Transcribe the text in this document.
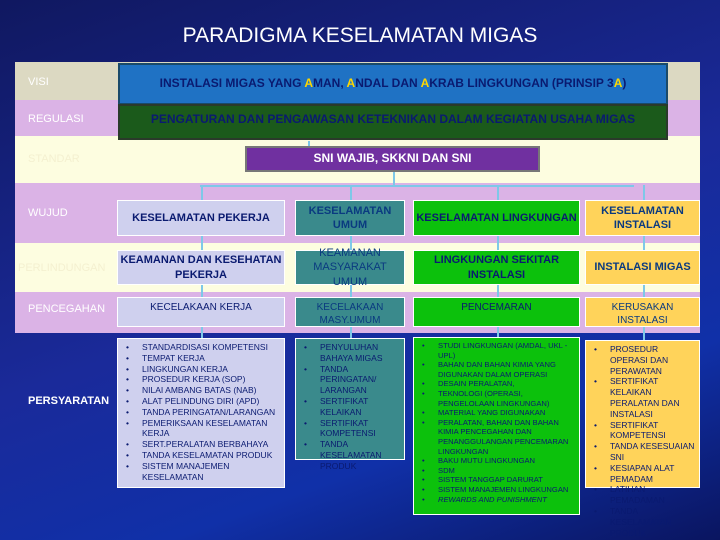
PARADIGMA KESELAMATAN MIGAS
VISI
REGULASI
STANDAR
WUJUD
PERLINDUNGAN
PENCEGAHAN
PERSYARATAN
INSTALASI MIGAS YANG AMAN, ANDAL DAN AKRAB LINGKUNGAN (PRINSIP 3A)
PENGATURAN DAN PENGAWASAN KETEKNIKAN DALAM KEGIATAN USAHA MIGAS
SNI WAJIB, SKKNI DAN SNI
KESELAMATAN PEKERJA
KEAMANAN DAN KESEHATAN PEKERJA
KECELAKAAN KERJA
• STANDARDISASI KOMPETENSI
• TEMPAT KERJA
• LINGKUNGAN KERJA
• PROSEDUR KERJA (SOP)
• NILAI AMBANG BATAS (NAB)
• ALAT PELINDUNG DIRI (APD)
• TANDA PERINGATAN/LARANGAN
• PEMERIKSAAN KESELAMATAN KERJA
• SERT.PERALATAN BERBAHAYA
• TANDA KESELAMATAN PRODUK
• SISTEM MANAJEMEN KESELAMATAN
KESELAMATAN UMUM
KEAMANAN MASYARAKAT UMUM
KECELAKAAN MASY.UMUM
• PENYULUHAN BAHAYA MIGAS
• TANDA PERINGATAN/ LARANGAN
• SERTIFIKAT KELAIKAN
• SERTIFIKAT KOMPETENSI
• TANDA KESELAMATAN PRODUK
KESELAMATAN LINGKUNGAN
LINGKUNGAN SEKITAR INSTALASI
PENCEMARAN
• STUDI LINGKUNGAN (AMDAL, UKL -UPL)
• BAHAN DAN BAHAN KIMIA YANG DIGUNAKAN DALAM OPERASI
• DESAIN PERALATAN,
• TEKNOLOGI (OPERASI, PENGELOLAAN LINGKUNGAN)
• MATERIAL YANG DIGUNAKAN
• PERALATAN, BAHAN DAN BAHAN KIMIA PENCEGAHAN DAN PENANGGULANGAN PENCEMARAN LINGKUNGAN
• BAKU MUTU LINGKUNGAN
• SDM
• SISTEM TANGGAP DARURAT
• SISTEM MANAJEMEN LINGKUNGAN
• REWARDS AND PUNISHMENT
KESELAMATAN INSTALASI
INSTALASI MIGAS
KERUSAKAN INSTALASI
• PROSEDUR OPERASI DAN PERAWATAN
• SERTIFIKAT KELAIKAN PERALATAN DAN INSTALASI
• SERTIFIKAT KOMPETENSI
• TANDA KESESUAIAN SNI
• KESIAPAN ALAT PEMADAM
• LATIHAN PEMADAMAN
• TANDA KESELAMATAN PRODUK
